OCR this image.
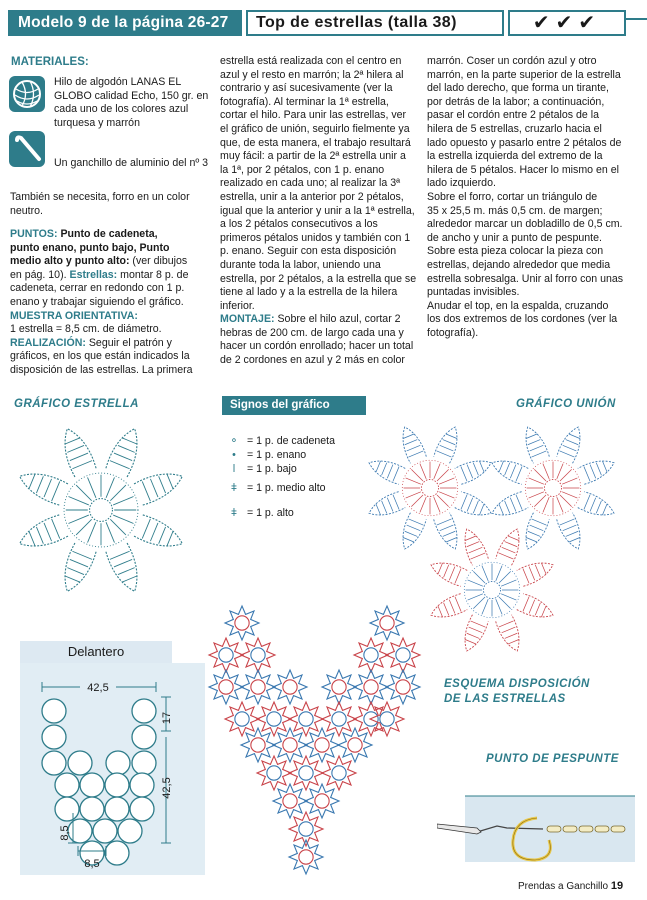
Modelo 9 de la página 26-27	Top de estrellas (talla 38)	✔✔✔
MATERIALES:
Hilo de algodón LANAS EL
GLOBO calidad Echo, 150 gr. en
cada uno de los colores azul
turquesa y marrón
Un ganchillo de aluminio del nº 3
También se necesita, forro en un color
neutro.

PUNTOS: Punto de cadeneta,

punto enano, punto bajo, Punto

medio alto y punto alto: (ver dibujos

en pág. 10). Estrellas: montar 8 p. de

cadeneta, cerrar en redondo con 1 p.

enano y trabajar siguiendo el gráfico.

MUESTRA ORIENTATIVA:

1 estrella = 8,5 cm. de diámetro.

REALIZACIÓN: Seguir el patrón y

gráficos, en los que están indicados la

disposición de las estrellas. La primera

estrella está realizada con el centro en

azul y el resto en marrón; la 2ª hilera al

contrario y así sucesivamente (ver la

fotografía). Al terminar la 1ª estrella,

cortar el hilo. Para unir las estrellas, ver

el gráfico de unión, seguirlo fielmente ya

que, de esta manera, el trabajo resultará

muy fácil: a partir de la 2ª estrella unir a

la 1ª, por 2 pétalos, con 1 p. enano

realizado en cada uno; al realizar la 3ª

estrella, unir a la anterior por 2 pétalos,

igual que la anterior y unir a la 1ª estrella,

a los 2 pétalos consecutivos a los

primeros pétalos unidos y también con 1

p. enano. Seguir con esta disposición

durante toda la labor, uniendo una

estrella, por 2 pétalos, a la estrella que se

tiene al lado y a la estrella de la hilera

inferior.

MONTAJE: Sobre el hilo azul, cortar 2

hebras de 200 cm. de largo cada una y

hacer un cordón enrollado; hacer un total

de 2 cordones en azul y 2 más en color

marrón. Coser un cordón azul y otro

marrón, en la parte superior de la estrella

del lado derecho, que forma un tirante,

por detrás de la labor; a continuación,

pasar el cordón entre 2 pétalos de la

hilera de 5 estrellas, cruzarlo hacia el

lado opuesto y pasarlo entre 2 pétalos de

la estrella izquierda del extremo de la

hilera de 5 pétalos. Hacer lo mismo en el

lado izquierdo.

Sobre el forro, cortar un triángulo de

35 x 25,5 m. más 0,5 cm. de margen;

alrededor marcar un dobladillo de 0,5 cm.

de ancho y unir a punto de pespunte.

Sobre esta pieza colocar la pieza con

estrellas, dejando alrededor que media

estrella sobresalga. Unir al forro con unas

puntadas invisibles.

Anudar el top, en la espalda, cruzando

los dos extremos de los cordones (ver la

fotografía).

GRÁFICO ESTRELLA	Signos del gráfico	GRÁFICO UNIÓN
⚬ = 1 p. de cadeneta
• = 1 p. enano
ǀ = 1 p. bajo
ǂ = 1 p. medio alto
ǂ = 1 p. alto
ESQUEMA DISPOSICIÓN
DE LAS ESTRELLAS
PUNTO DE PESPUNTE
Delantero
42,5
17
42,5
8,5
8,5
Prendas a Ganchillo 19
